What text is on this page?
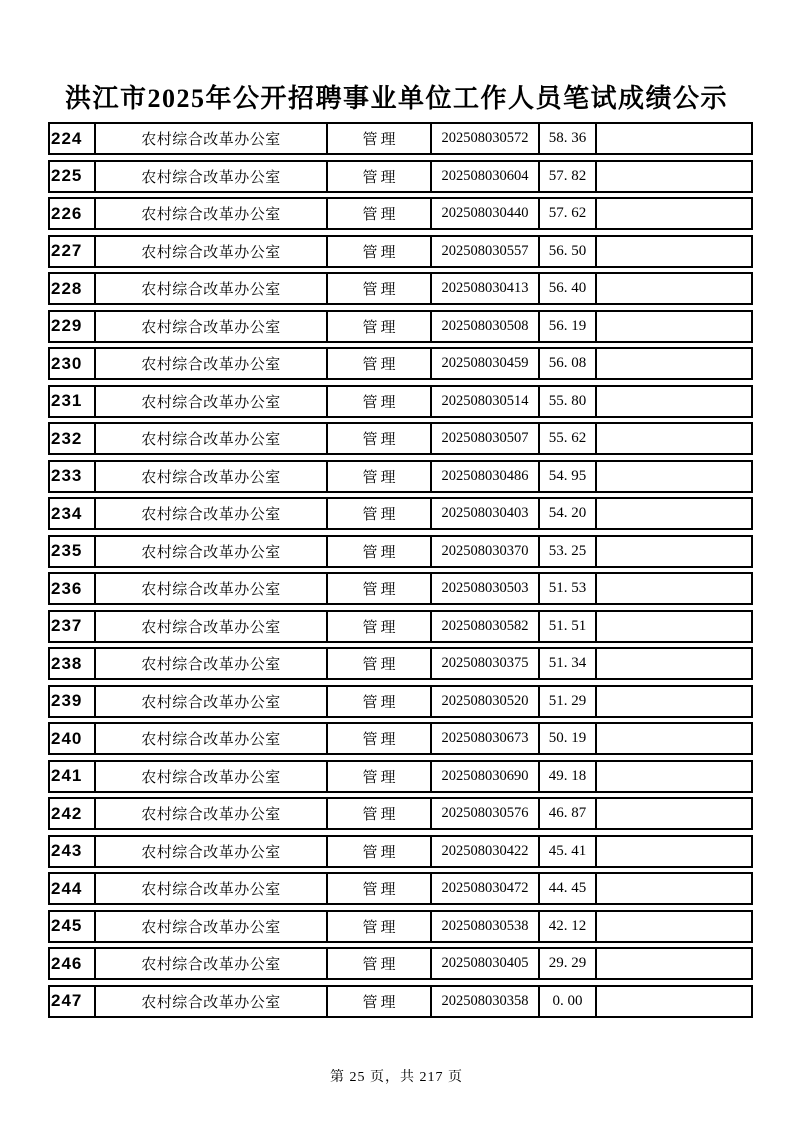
洪江市2025年公开招聘事业单位工作人员笔试成绩公示
224	农村综合改革办公室	管理	202508030572	58. 36
225	农村综合改革办公室	管理	202508030604	57. 82
226	农村综合改革办公室	管理	202508030440	57. 62
227	农村综合改革办公室	管理	202508030557	56. 50
228	农村综合改革办公室	管理	202508030413	56. 40
229	农村综合改革办公室	管理	202508030508	56. 19
230	农村综合改革办公室	管理	202508030459	56. 08
231	农村综合改革办公室	管理	202508030514	55. 80
232	农村综合改革办公室	管理	202508030507	55. 62
233	农村综合改革办公室	管理	202508030486	54. 95
234	农村综合改革办公室	管理	202508030403	54. 20
235	农村综合改革办公室	管理	202508030370	53. 25
236	农村综合改革办公室	管理	202508030503	51. 53
237	农村综合改革办公室	管理	202508030582	51. 51
238	农村综合改革办公室	管理	202508030375	51. 34
239	农村综合改革办公室	管理	202508030520	51. 29
240	农村综合改革办公室	管理	202508030673	50. 19
241	农村综合改革办公室	管理	202508030690	49. 18
242	农村综合改革办公室	管理	202508030576	46. 87
243	农村综合改革办公室	管理	202508030422	45. 41
244	农村综合改革办公室	管理	202508030472	44. 45
245	农村综合改革办公室	管理	202508030538	42. 12
246	农村综合改革办公室	管理	202508030405	29. 29
247	农村综合改革办公室	管理	202508030358	0. 00
第 25 页，共 217 页
